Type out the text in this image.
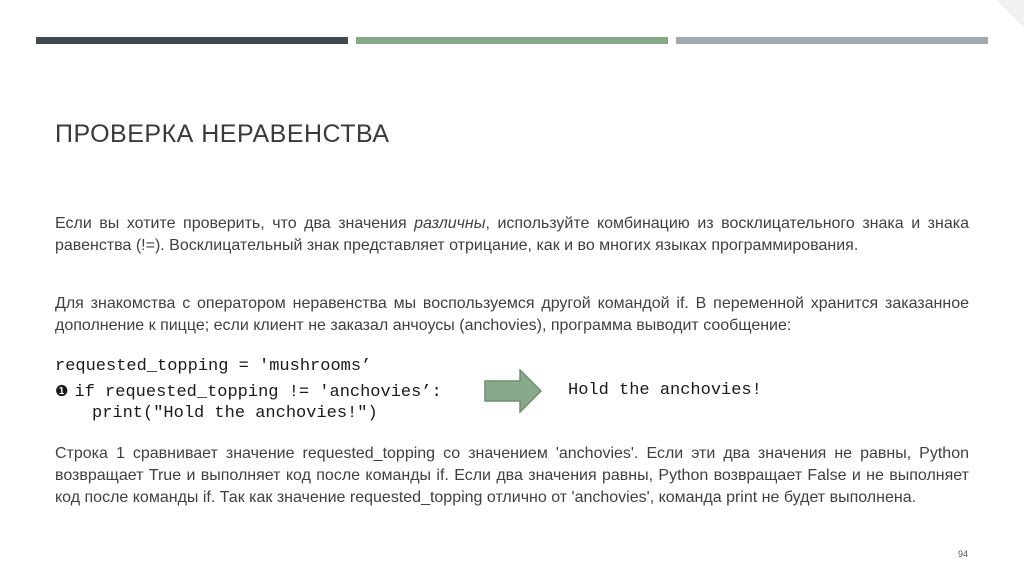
ПРОВЕРКА НЕРАВЕНСТВА
Если вы хотите проверить, что два значения различны, используйте комбинацию из восклицательного знака и знака равенства (!=). Восклицательный знак представляет отрицание, как и во многих языках программирования.
Для знакомства с оператором неравенства мы воспользуемся другой командой if. В переменной хранится заказанное дополнение к пицце; если клиент не заказал анчоусы (anchovies), программа выводит сообщение:
requested_topping = 'mushrooms’
❶ if requested_topping != 'anchovies’:
print("Hold the anchovies!")
Hold the anchovies!
Строка 1 сравнивает значение requested_topping со значением 'anchovies'. Если эти два значения не равны, Python возвращает True и выполняет код после команды if. Если два значения равны, Python возвращает False и не выполняет код после команды if. Так как значение requested_topping отлично от 'anchovies', команда print не будет выполнена.
94
